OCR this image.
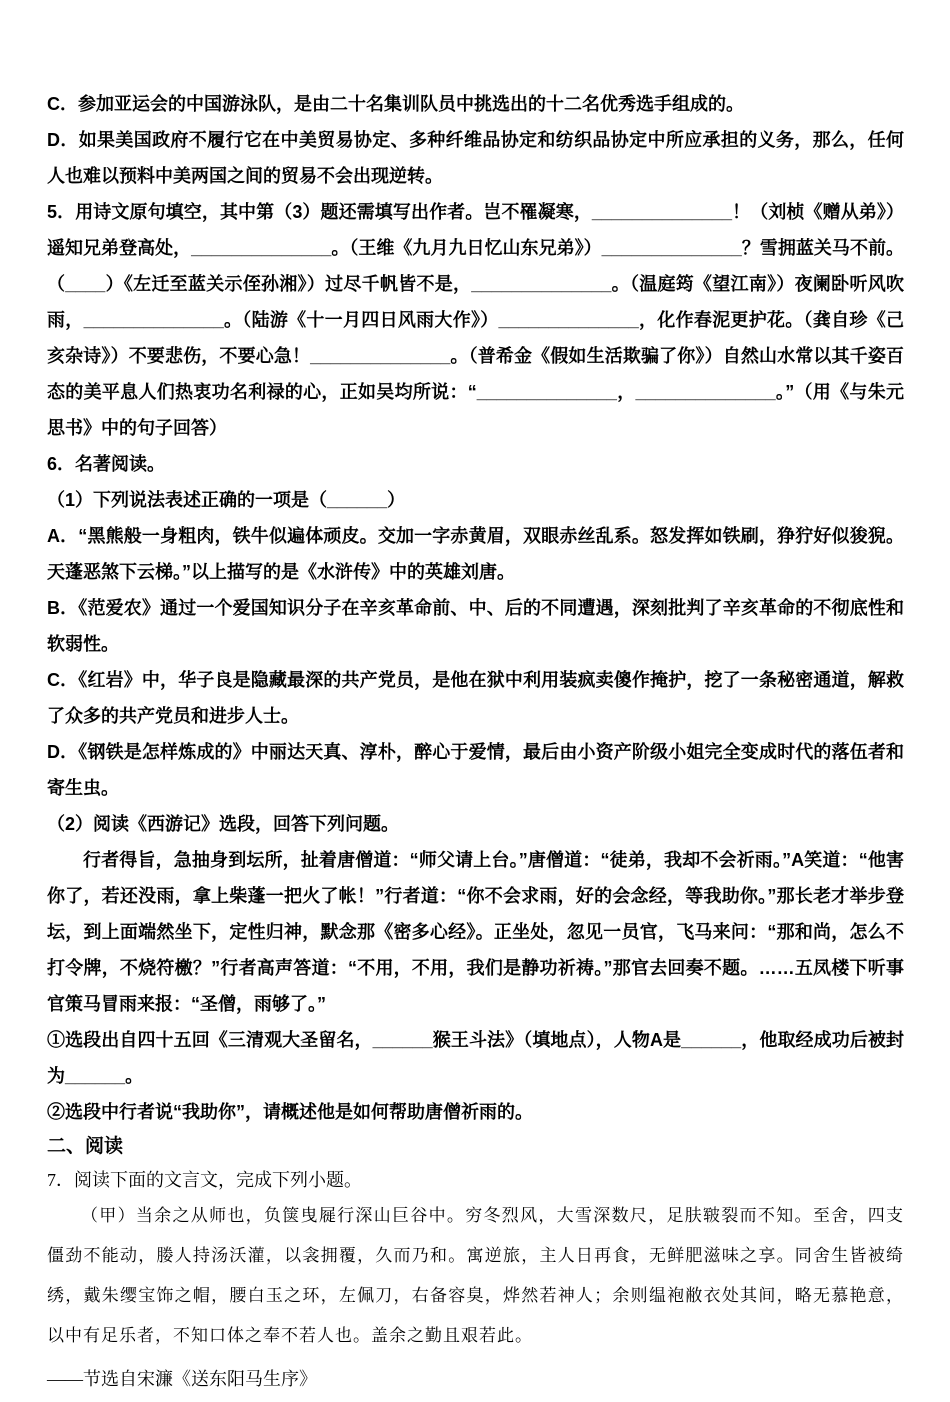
C．参加亚运会的中国游泳队，是由二十名集训队员中挑选出的十二名优秀选手组成的。

D．如果美国政府不履行它在中美贸易协定、多种纤维品协定和纺织品协定中所应承担的义务，那么，任何人也难以预料中美两国之间的贸易不会出现逆转。

5．用诗文原句填空，其中第（3）题还需填写出作者。岂不罹凝寒，______________！（刘桢《赠从弟》）遥知兄弟登高处，______________。（王维《九月九日忆山东兄弟》）______________？雪拥蓝关马不前。（____）《左迁至蓝关示侄孙湘》）过尽千帆皆不是，______________。（温庭筠《望江南》）夜阑卧听风吹雨，______________。（陆游《十一月四日风雨大作》）______________，化作春泥更护花。（龚自珍《己亥杂诗》）不要悲伤，不要心急！______________。（普希金《假如生活欺骗了你》）自然山水常以其千姿百态的美平息人们热衷功名利禄的心，正如吴均所说：“______________，______________。”（用《与朱元思书》中的句子回答）

6．名著阅读。

（1）下列说法表述正确的一项是（______）

A．“黑熊般一身粗肉，铁牛似遍体顽皮。交加一字赤黄眉，双眼赤丝乱系。怒发挥如铁刷，狰狞好似狻猊。天蓬恶煞下云梯。”以上描写的是《水浒传》中的英雄刘唐。

B．《范爱农》通过一个爱国知识分子在辛亥革命前、中、后的不同遭遇，深刻批判了辛亥革命的不彻底性和软弱性。

C．《红岩》中，华子良是隐藏最深的共产党员，是他在狱中利用装疯卖傻作掩护，挖了一条秘密通道，解救了众多的共产党员和进步人士。

D．《钢铁是怎样炼成的》中丽达天真、淳朴，醉心于爱情，最后由小资产阶级小姐完全变成时代的落伍者和寄生虫。

（2）阅读《西游记》选段，回答下列问题。

行者得旨，急抽身到坛所，扯着唐僧道：“师父请上台。”唐僧道：“徒弟，我却不会祈雨。”A笑道：“他害你了，若还没雨，拿上柴蓬一把火了帐！”行者道：“你不会求雨，好的会念经，等我助你。”那长老才举步登坛，到上面端然坐下，定性归神，默念那《密多心经》。正坐处，忽见一员官，飞马来问：“那和尚，怎么不打令牌，不烧符檄？”行者高声答道：“不用，不用，我们是静功祈祷。”那官去回奏不题。……五凤楼下听事官策马冒雨来报：“圣僧，雨够了。”

①选段出自四十五回《三清观大圣留名，______猴王斗法》（填地点），人物A是______，他取经成功后被封为______。

②选段中行者说“我助你”，请概述他是如何帮助唐僧祈雨的。

二、阅读

7．阅读下面的文言文，完成下列小题。

（甲）当余之从师也，负箧曳屣行深山巨谷中。穷冬烈风，大雪深数尺，足肤皲裂而不知。至舍，四支僵劲不能动，媵人持汤沃灌，以衾拥覆，久而乃和。寓逆旅，主人日再食，无鲜肥滋味之享。同舍生皆被绮绣，戴朱缨宝饰之帽，腰白玉之环，左佩刀，右备容臭，烨然若神人；余则缊袍敝衣处其间，略无慕艳意，以中有足乐者，不知口体之奉不若人也。盖余之勤且艰若此。

——节选自宋濂《送东阳马生序》
